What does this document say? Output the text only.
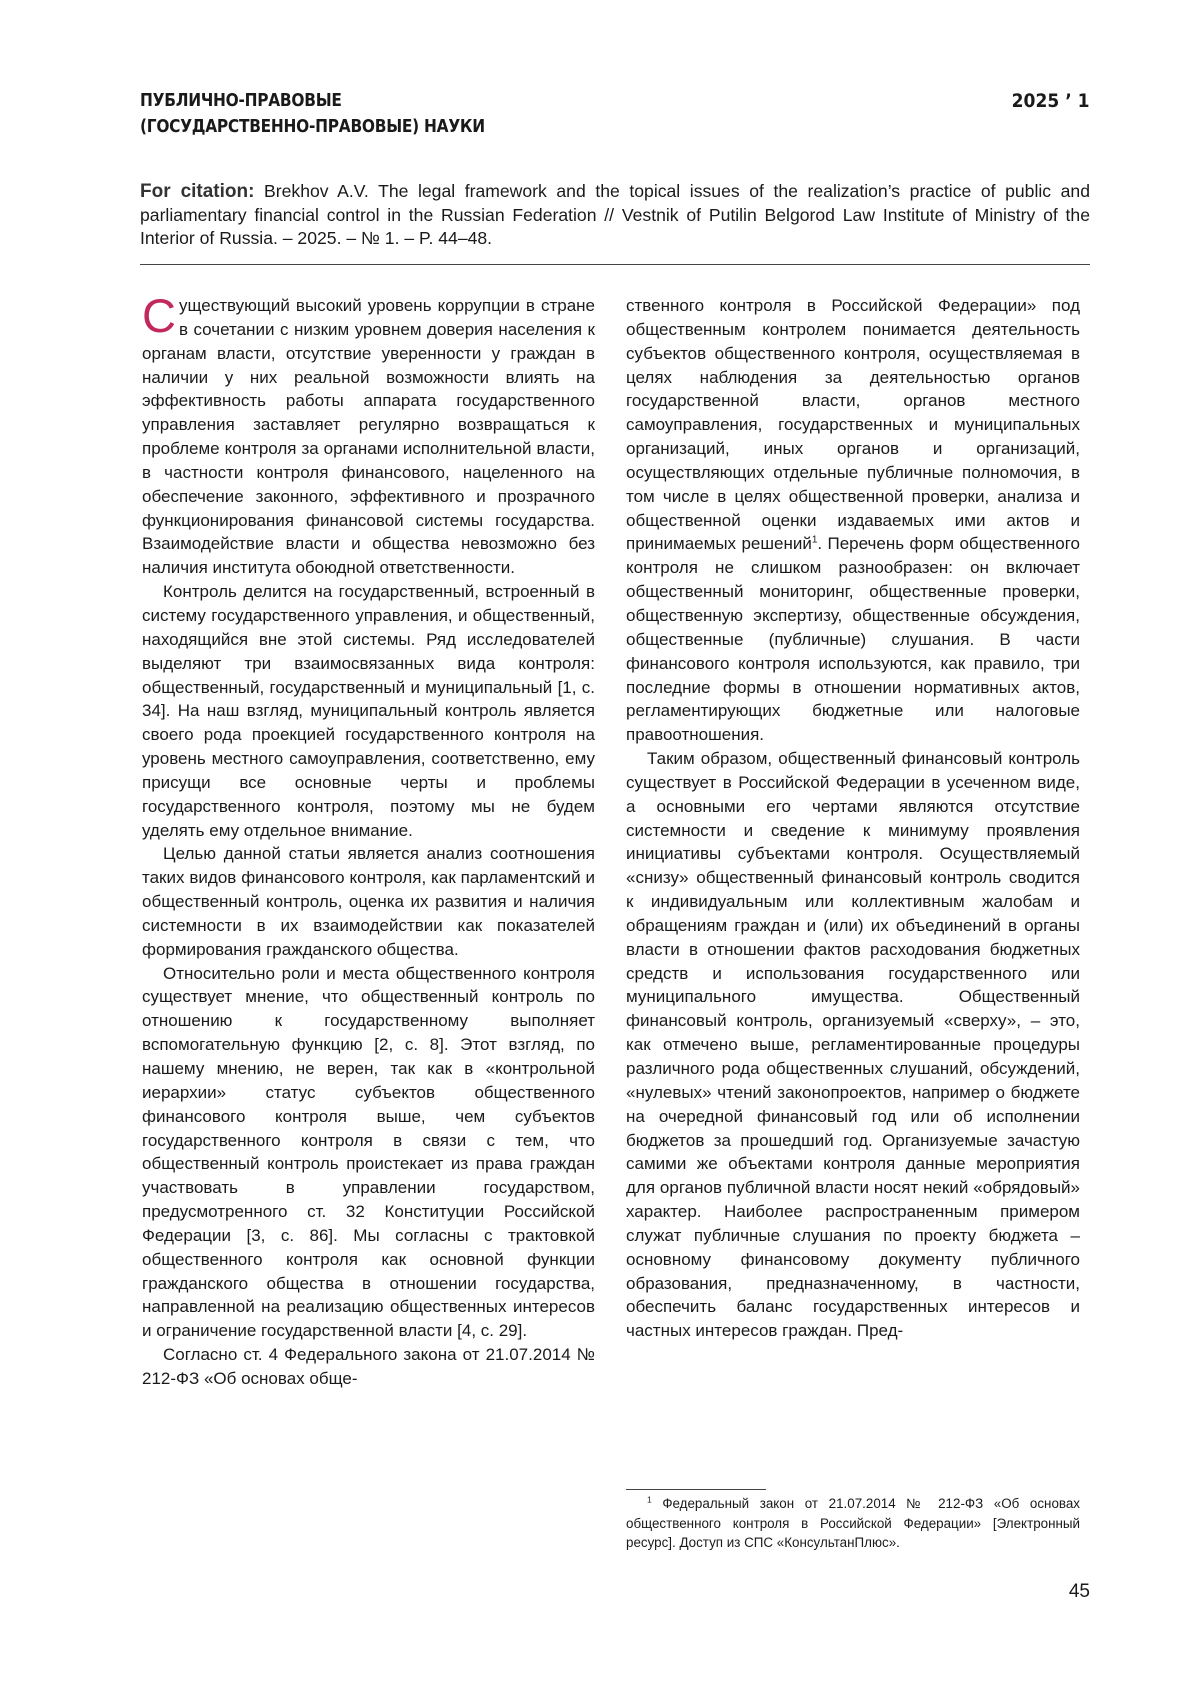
ПУБЛИЧНО-ПРАВОВЫЕ
(ГОСУДАРСТВЕННО-ПРАВОВЫЕ) НАУКИ
2025 ’ 1
For citation: Brekhov A.V. The legal framework and the topical issues of the realization’s practice of public and parliamentary financial control in the Russian Federation // Vestnik of Putilin Belgorod Law Institute of Ministry of the Interior of Russia. – 2025. – № 1. – P. 44–48.

Существующий высокий уровень коррупции в стране в сочетании с низким уровнем доверия населения к органам власти, отсутствие уверенности у граждан в наличии у них реальной возможности влиять на эффективность работы аппарата государственного управления заставляет регулярно возвращаться к проблеме контроля за органами исполнительной власти, в частности контроля финансового, нацеленного на обеспечение законного, эффективного и прозрачного функционирования финансовой системы государства. Взаимодействие власти и общества невозможно без наличия института обоюдной ответственности.

Контроль делится на государственный, встроенный в систему государственного управления, и общественный, находящийся вне этой системы. Ряд исследователей выделяют три взаимосвязанных вида контроля: общественный, государственный и муниципальный [1, с. 34]. На наш взгляд, муниципальный контроль является своего рода проекцией государственного контроля на уровень местного самоуправления, соответственно, ему присущи все основные черты и проблемы государственного контроля, поэтому мы не будем уделять ему отдельное внимание.

Целью данной статьи является анализ соотношения таких видов финансового контроля, как парламентский и общественный контроль, оценка их развития и наличия системности в их взаимодействии как показателей формирования гражданского общества.

Относительно роли и места общественного контроля существует мнение, что общественный контроль по отношению к государственному выполняет вспомогательную функцию [2, с. 8]. Этот взгляд, по нашему мнению, не верен, так как в «контрольной иерархии» статус субъектов общественного финансового контроля выше, чем субъектов государственного контроля в связи с тем, что общественный контроль проистекает из права граждан участвовать в управлении государством, предусмотренного ст. 32 Конституции Российской Федерации [3, с. 86]. Мы согласны с трактовкой общественного контроля как основной функции гражданского общества в отношении государства, направленной на реализацию общественных интересов и ограничение государственной власти [4, с. 29].

Согласно ст. 4 Федерального закона от 21.07.2014 № 212-ФЗ «Об основах обще-

ственного контроля в Российской Федерации» под общественным контролем понимается деятельность субъектов общественного контроля, осуществляемая в целях наблюдения за деятельностью органов государственной власти, органов местного самоуправления, государственных и муниципальных организаций, иных органов и организаций, осуществляющих отдельные публичные полномочия, в том числе в целях общественной проверки, анализа и общественной оценки издаваемых ими актов и принимаемых решений$^1$. Перечень форм общественного контроля не слишком разнообразен: он включает общественный мониторинг, общественные проверки, общественную экспертизу, общественные обсуждения, общественные (публичные) слушания. В части финансового контроля используются, как правило, три последние формы в отношении нормативных актов, регламентирующих бюджетные или налоговые правоотношения.

Таким образом, общественный финансовый контроль существует в Российской Федерации в усеченном виде, а основными его чертами являются отсутствие системности и сведение к минимуму проявления инициативы субъектами контроля. Осуществляемый «снизу» общественный финансовый контроль сводится к индивидуальным или коллективным жалобам и обращениям граждан и (или) их объединений в органы власти в отношении фактов расходования бюджетных средств и использования государственного или муниципального имущества. Общественный финансовый контроль, организуемый «сверху», – это, как отмечено выше, регламентированные процедуры различного рода общественных слушаний, обсуждений, «нулевых» чтений законопроектов, например о бюджете на очередной финансовый год или об исполнении бюджетов за прошедший год. Организуемые зачастую самими же объектами контроля данные мероприятия для органов публичной власти носят некий «обрядовый» характер. Наиболее распространенным примером служат публичные слушания по проекту бюджета – основному финансовому документу публичного образования, предназначенному, в частности, обеспечить баланс государственных интересов и частных интересов граждан. Пред-

$^1$ Федеральный закон от 21.07.2014 № 212-ФЗ «Об основах общественного контроля в Российской Федерации» [Электронный ресурс]. Доступ из СПС «КонсультанПлюс».
45
